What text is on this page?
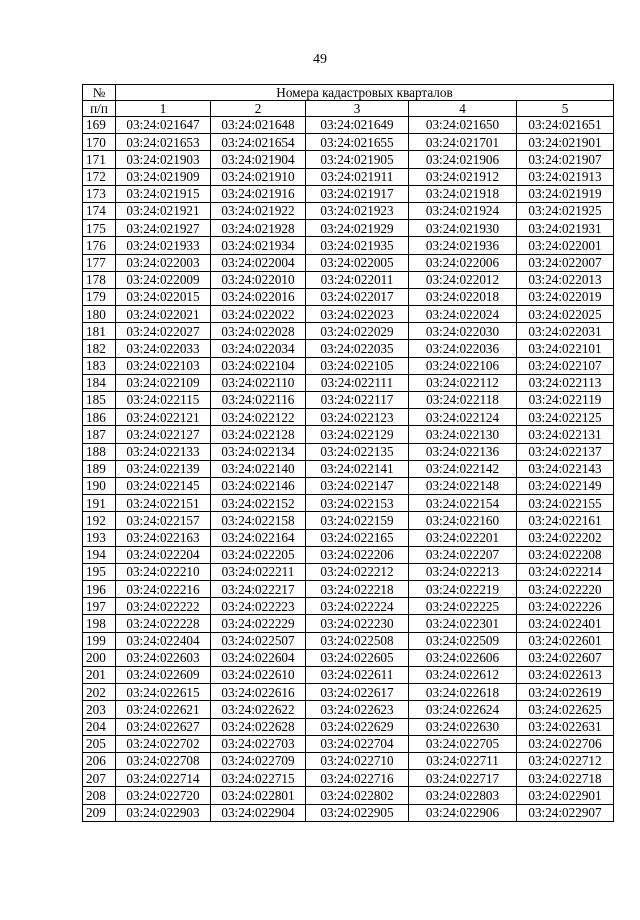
49
№	Номера кадастровых кварталов				
п/п	1	2	3	4	5
169	03:24:021647	03:24:021648	03:24:021649	03:24:021650	03:24:021651
170	03:24:021653	03:24:021654	03:24:021655	03:24:021701	03:24:021901
171	03:24:021903	03:24:021904	03:24:021905	03:24:021906	03:24:021907
172	03:24:021909	03:24:021910	03:24:021911	03:24:021912	03:24:021913
173	03:24:021915	03:24:021916	03:24:021917	03:24:021918	03:24:021919
174	03:24:021921	03:24:021922	03:24:021923	03:24:021924	03:24:021925
175	03:24:021927	03:24:021928	03:24:021929	03:24:021930	03:24:021931
176	03:24:021933	03:24:021934	03:24:021935	03:24:021936	03:24:022001
177	03:24:022003	03:24:022004	03:24:022005	03:24:022006	03:24:022007
178	03:24:022009	03:24:022010	03:24:022011	03:24:022012	03:24:022013
179	03:24:022015	03:24:022016	03:24:022017	03:24:022018	03:24:022019
180	03:24:022021	03:24:022022	03:24:022023	03:24:022024	03:24:022025
181	03:24:022027	03:24:022028	03:24:022029	03:24:022030	03:24:022031
182	03:24:022033	03:24:022034	03:24:022035	03:24:022036	03:24:022101
183	03:24:022103	03:24:022104	03:24:022105	03:24:022106	03:24:022107
184	03:24:022109	03:24:022110	03:24:022111	03:24:022112	03:24:022113
185	03:24:022115	03:24:022116	03:24:022117	03:24:022118	03:24:022119
186	03:24:022121	03:24:022122	03:24:022123	03:24:022124	03:24:022125
187	03:24:022127	03:24:022128	03:24:022129	03:24:022130	03:24:022131
188	03:24:022133	03:24:022134	03:24:022135	03:24:022136	03:24:022137
189	03:24:022139	03:24:022140	03:24:022141	03:24:022142	03:24:022143
190	03:24:022145	03:24:022146	03:24:022147	03:24:022148	03:24:022149
191	03:24:022151	03:24:022152	03:24:022153	03:24:022154	03:24:022155
192	03:24:022157	03:24:022158	03:24:022159	03:24:022160	03:24:022161
193	03:24:022163	03:24:022164	03:24:022165	03:24:022201	03:24:022202
194	03:24:022204	03:24:022205	03:24:022206	03:24:022207	03:24:022208
195	03:24:022210	03:24:022211	03:24:022212	03:24:022213	03:24:022214
196	03:24:022216	03:24:022217	03:24:022218	03:24:022219	03:24:022220
197	03:24:022222	03:24:022223	03:24:022224	03:24:022225	03:24:022226
198	03:24:022228	03:24:022229	03:24:022230	03:24:022301	03:24:022401
199	03:24:022404	03:24:022507	03:24:022508	03:24:022509	03:24:022601
200	03:24:022603	03:24:022604	03:24:022605	03:24:022606	03:24:022607
201	03:24:022609	03:24:022610	03:24:022611	03:24:022612	03:24:022613
202	03:24:022615	03:24:022616	03:24:022617	03:24:022618	03:24:022619
203	03:24:022621	03:24:022622	03:24:022623	03:24:022624	03:24:022625
204	03:24:022627	03:24:022628	03:24:022629	03:24:022630	03:24:022631
205	03:24:022702	03:24:022703	03:24:022704	03:24:022705	03:24:022706
206	03:24:022708	03:24:022709	03:24:022710	03:24:022711	03:24:022712
207	03:24:022714	03:24:022715	03:24:022716	03:24:022717	03:24:022718
208	03:24:022720	03:24:022801	03:24:022802	03:24:022803	03:24:022901
209	03:24:022903	03:24:022904	03:24:022905	03:24:022906	03:24:022907
